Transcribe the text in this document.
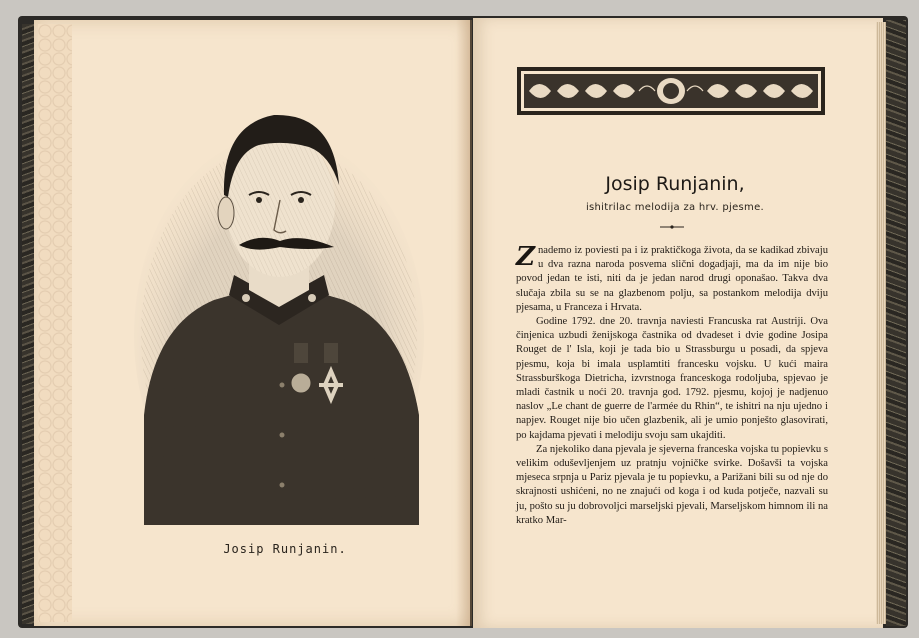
Josip Runjanin.
Josip Runjanin,
ishitrilac melodija za hrv. pjesme.

Znademo iz poviesti pa i iz praktičkoga života, da se kadikad zbivaju u dva razna naroda posvema slični dogadjaji, ma da im nije bio povod jedan te isti, niti da je jedan narod drugi oponašao. Takva dva slučaja zbila su se na glazbenom polju, sa postankom melodija dviju pjesama, u Franceza i Hrvata.

Godine 1792. dne 20. travnja naviesti Francuska rat Austriji. Ova činjenica uzbudi ženijskoga častnika od dvadeset i dvie godine Josipa Rouget de l' Isla, koji je tada bio u Strassburgu u posadi, da spjeva pjesmu, koja bi imala usplamtiti francesku vojsku. U kući maira Strassburškoga Dietricha, izvrstnoga franceskoga rodoljuba, spjevao je mladi častnik u noći 20. travnja god. 1792. pjesmu, kojoj je nadjenuo naslov „Le chant de guerre de l'armée du Rhin“, te ishitri na nju ujedno i napjev. Rouget nije bio učen glazbenik, ali je umio ponješto glasovirati, po kajdama pjevati i melodiju svoju sam ukajditi.

Za njekoliko dana pjevala je sjeverna franceska vojska tu popievku s velikim oduševljenjem uz pratnju vojničke svirke. Došavši ta vojska mjeseca srpnja u Pariz pjevala je tu popievku, a Parižani bili su od nje do skrajnosti ushićeni, no ne znajući od koga i od kuda potječe, nazvali su ju, pošto su ju dobrovoljci marseljski pjevali, Marseljskom himnom ili na kratko Mar-
